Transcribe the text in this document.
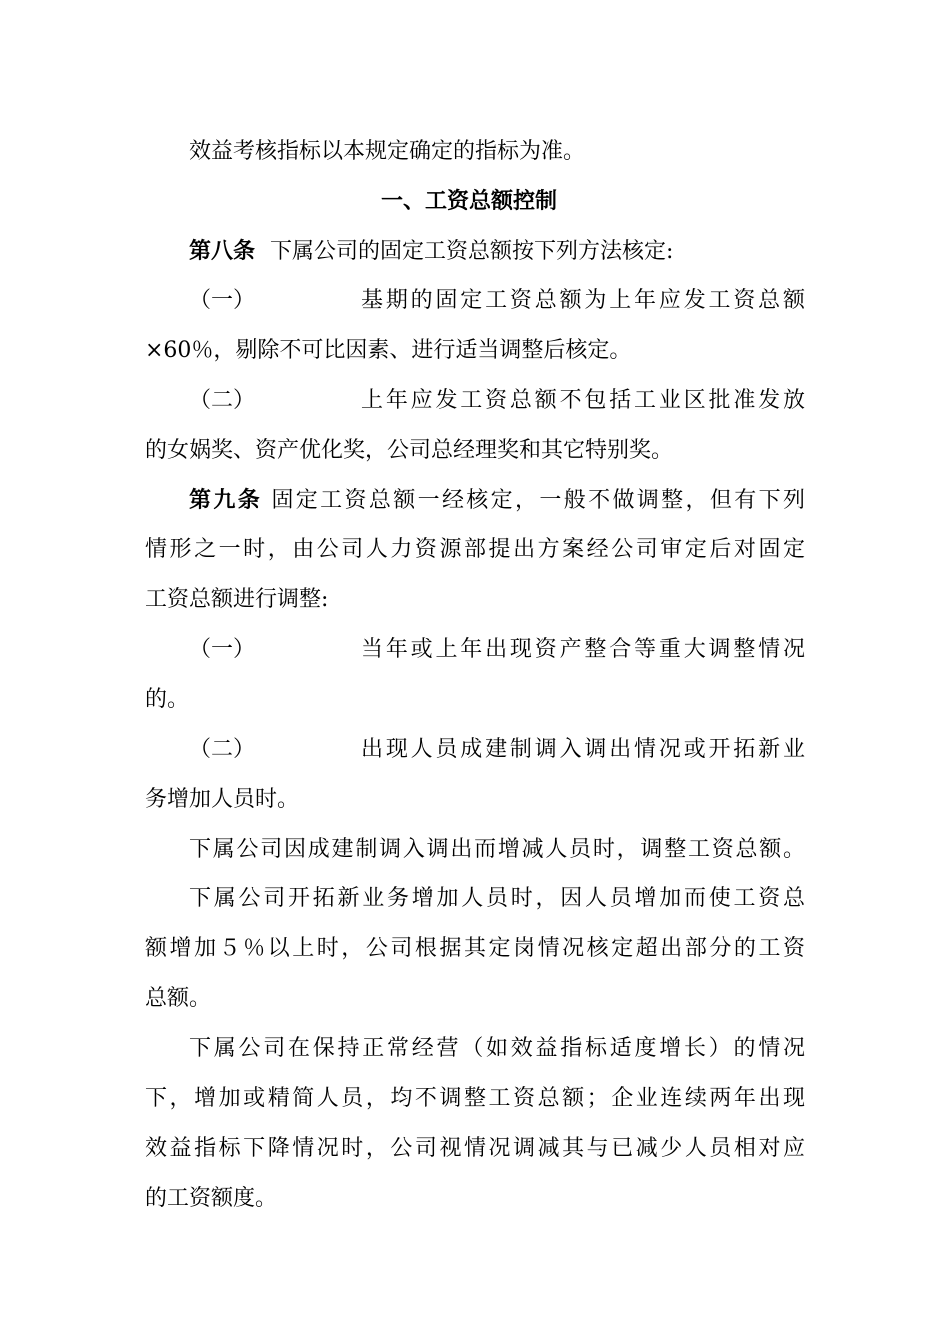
效益考核指标以本规定确定的指标为准。
一、工资总额控制
第八条 下属公司的固定工资总额按下列方法核定:
（一）	基期的固定工资总额为上年应发工资总额
×60％，剔除不可比因素、进行适当调整后核定。
（二）	上年应发工资总额不包括工业区批准发放
的女娲奖、资产优化奖，公司总经理奖和其它特别奖。
第九条 固定工资总额一经核定，一般不做调整，但有下列
情形之一时，由公司人力资源部提出方案经公司审定后对固定
工资总额进行调整:
（一）	当年或上年出现资产整合等重大调整情况
的。
（二）	出现人员成建制调入调出情况或开拓新业
务增加人员时。
下属公司因成建制调入调出而增减人员时，调整工资总额。
下属公司开拓新业务增加人员时，因人员增加而使工资总
额增加５％以上时，公司根据其定岗情况核定超出部分的工资
总额。
下属公司在保持正常经营（如效益指标适度增长）的情况
下，增加或精简人员，均不调整工资总额；企业连续两年出现
效益指标下降情况时，公司视情况调减其与已减少人员相对应
的工资额度。
